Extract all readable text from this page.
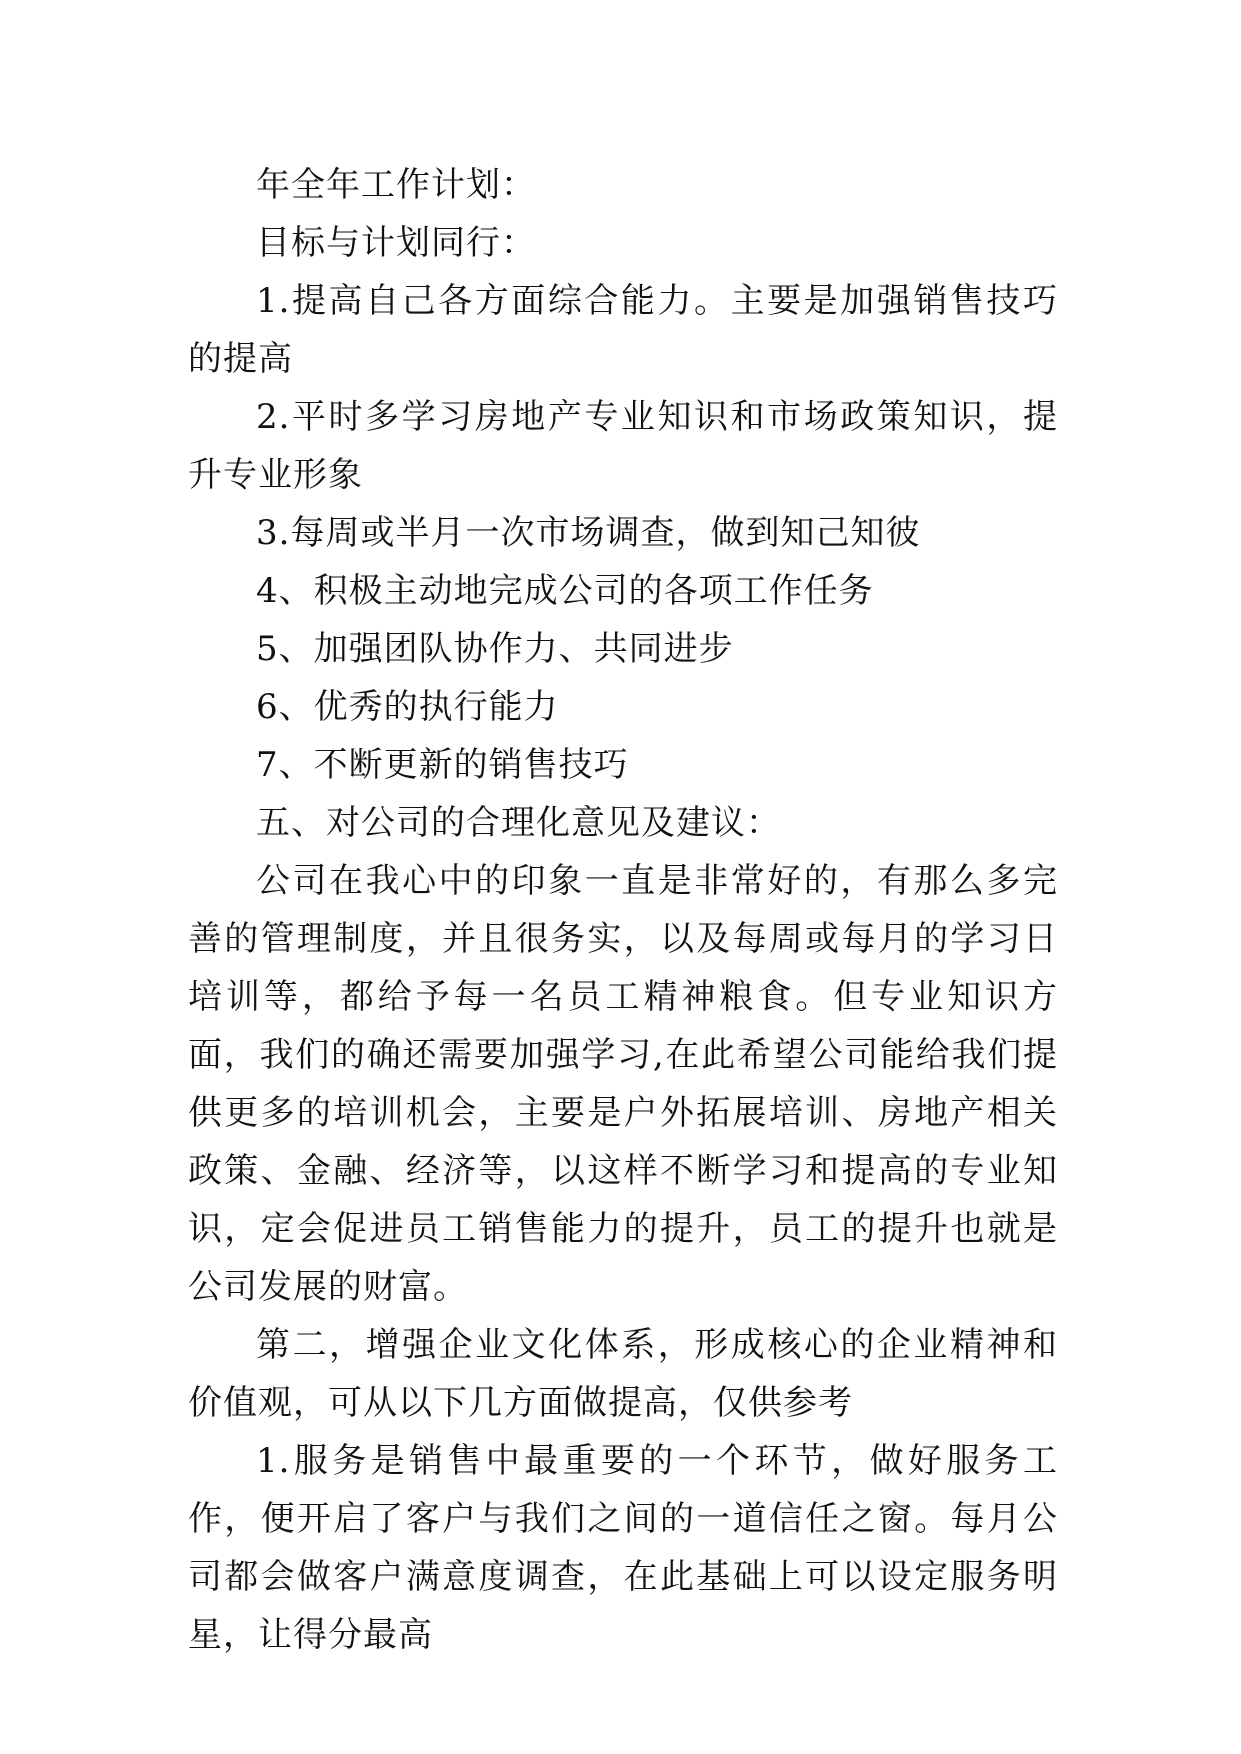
年全年工作计划：

目标与计划同行：

1.提高自己各方面综合能力。主要是加强销售技巧的提高

2.平时多学习房地产专业知识和市场政策知识，提升专业形象

3.每周或半月一次市场调查，做到知己知彼

4、积极主动地完成公司的各项工作任务

5、加强团队协作力、共同进步

6、优秀的执行能力

7、不断更新的销售技巧

五、对公司的合理化意见及建议：

公司在我心中的印象一直是非常好的，有那么多完善的管理制度，并且很务实，以及每周或每月的学习日培训等，都给予每一名员工精神粮食。但专业知识方面，我们的确还需要加强学习,在此希望公司能给我们提供更多的培训机会，主要是户外拓展培训、房地产相关政策、金融、经济等，以这样不断学习和提高的专业知识，定会促进员工销售能力的提升，员工的提升也就是公司发展的财富。

第二，增强企业文化体系，形成核心的企业精神和价值观，可从以下几方面做提高，仅供参考

1.服务是销售中最重要的一个环节，做好服务工作，便开启了客户与我们之间的一道信任之窗。每月公司都会做客户满意度调查，在此基础上可以设定服务明星，让得分最高
